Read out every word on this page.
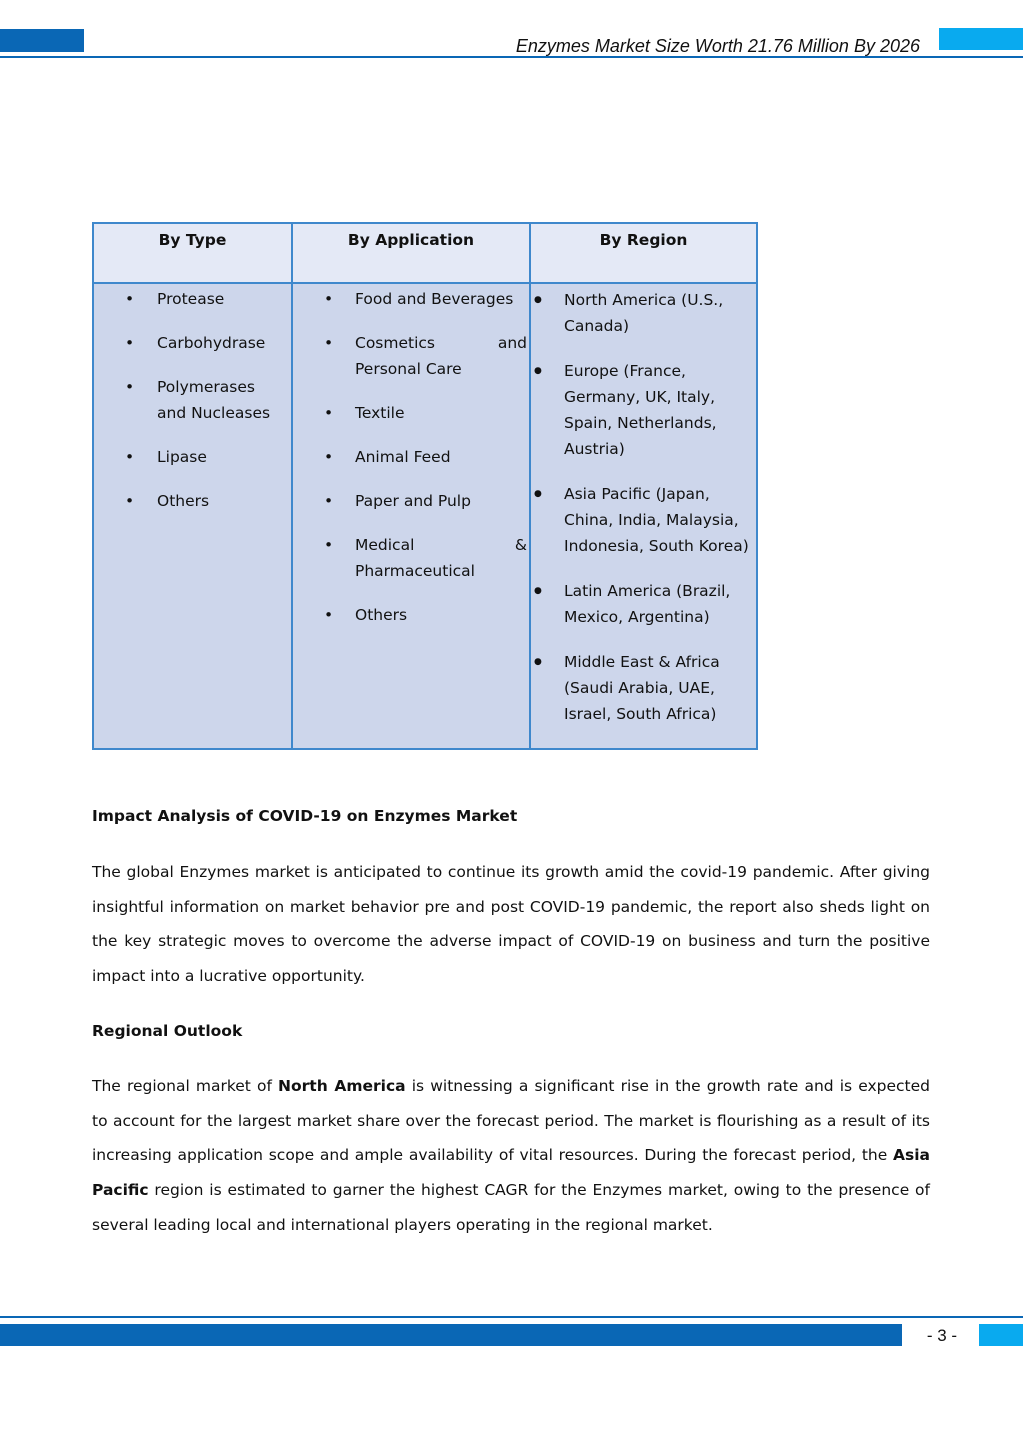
Enzymes Market Size Worth 21.76 Million By 2026
By Type
• Protease
• Carbohydrase
• Polymerases and Nucleases
• Lipase
• Others
By Application
• Food and Beverages
• Cosmetics and Personal Care
• Textile
• Animal Feed
• Paper and Pulp
• Medical & Pharmaceutical
• Others
By Region
● North America (U.S., Canada)
● Europe (France, Germany, UK, Italy, Spain, Netherlands, Austria)
● Asia Pacific (Japan, China, India, Malaysia, Indonesia, South Korea)
● Latin America (Brazil, Mexico, Argentina)
● Middle East & Africa (Saudi Arabia, UAE, Israel, South Africa)
Impact Analysis of COVID-19 on Enzymes Market

The global Enzymes market is anticipated to continue its growth amid the covid-19 pandemic. After giving insightful information on market behavior pre and post COVID-19 pandemic, the report also sheds light on the key strategic moves to overcome the adverse impact of COVID-19 on business and turn the positive impact into a lucrative opportunity.

Regional Outlook

The regional market of North America is witnessing a significant rise in the growth rate and is expected to account for the largest market share over the forecast period. The market is flourishing as a result of its increasing application scope and ample availability of vital resources. During the forecast period, the Asia Pacific region is estimated to garner the highest CAGR for the Enzymes market, owing to the presence of several leading local and international players operating in the regional market.

- 3 -
